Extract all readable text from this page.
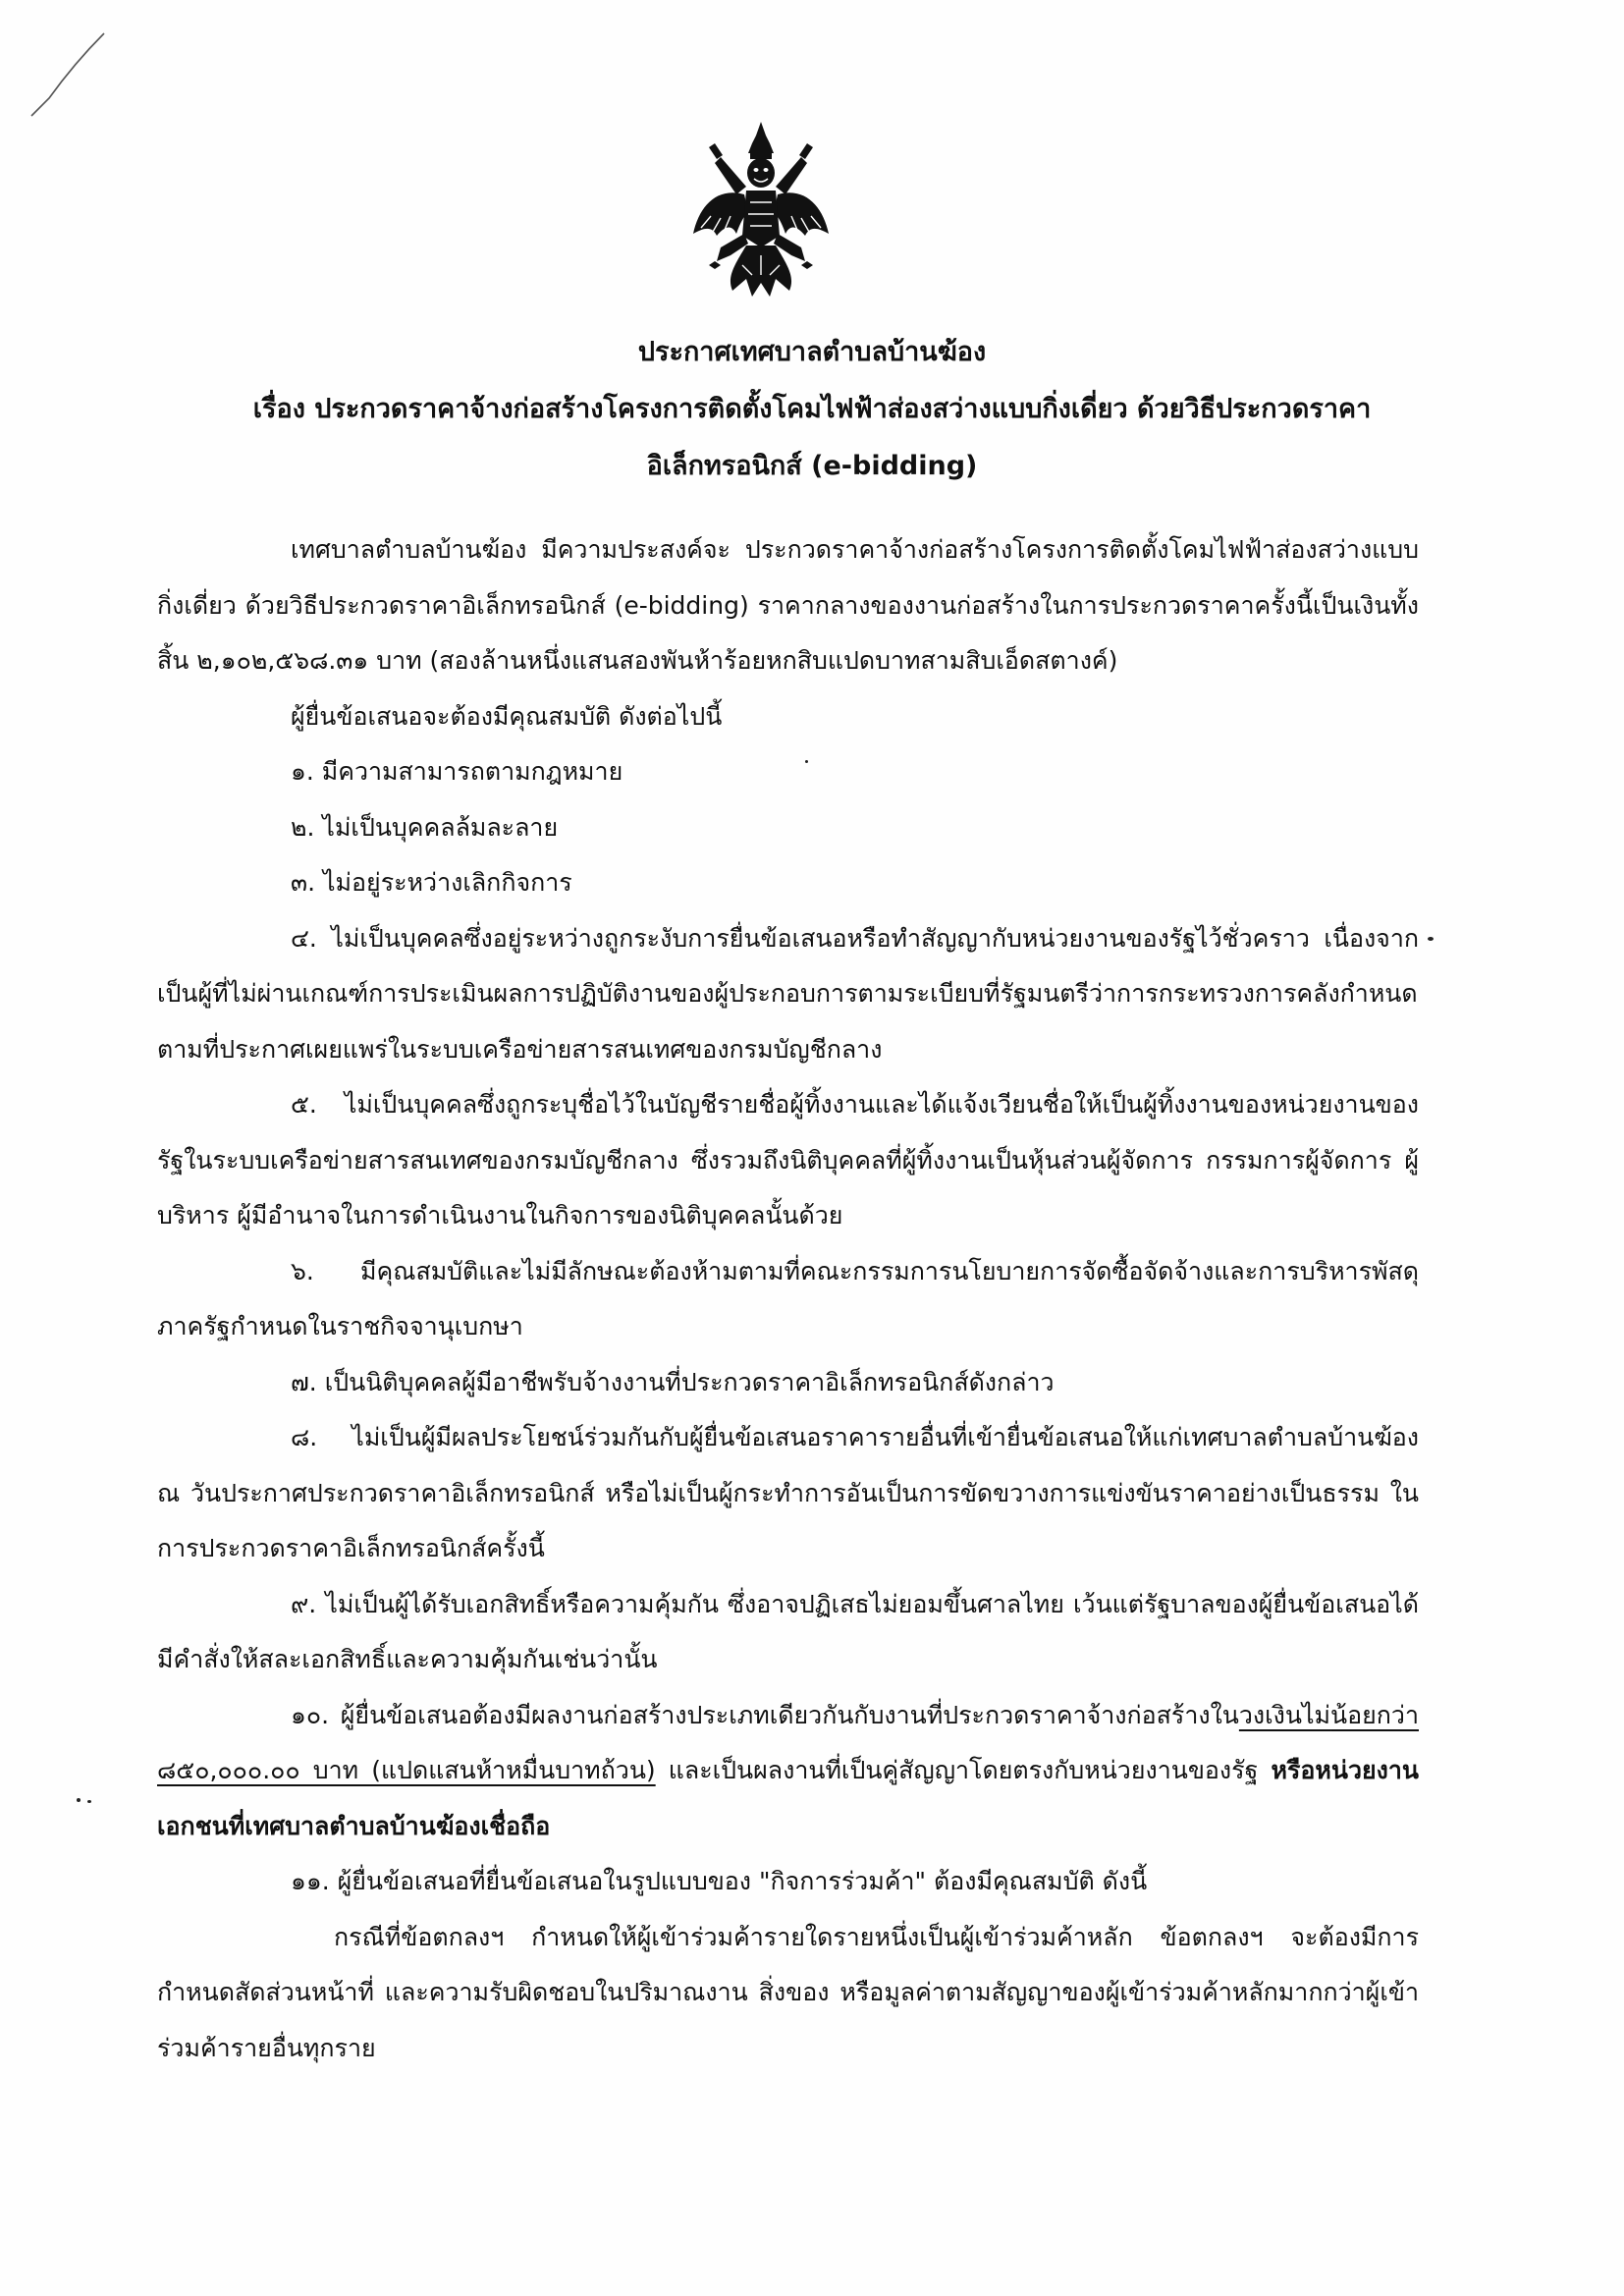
ประกาศเทศบาลตำบลบ้านฆ้อง
เรื่อง ประกวดราคาจ้างก่อสร้างโครงการติดตั้งโคมไฟฟ้าส่องสว่างแบบกิ่งเดี่ยว ด้วยวิธีประกวดราคา
อิเล็กทรอนิกส์ (e-bidding)

เทศบาลตำบลบ้านฆ้อง มีความประสงค์จะ ประกวดราคาจ้างก่อสร้างโครงการติดตั้งโคมไฟฟ้าส่องสว่างแบบกิ่งเดี่ยว ด้วยวิธีประกวดราคาอิเล็กทรอนิกส์ (e-bidding) ราคากลางของงานก่อสร้างในการประกวดราคาครั้งนี้เป็นเงินทั้งสิ้น ๒,๑๐๒,๕๖๘.๓๑ บาท (สองล้านหนึ่งแสนสองพันห้าร้อยหกสิบแปดบาทสามสิบเอ็ดสตางค์)

ผู้ยื่นข้อเสนอจะต้องมีคุณสมบัติ ดังต่อไปนี้

๑. มีความสามารถตามกฎหมาย

๒. ไม่เป็นบุคคลล้มละลาย

๓. ไม่อยู่ระหว่างเลิกกิจการ

๔. ไม่เป็นบุคคลซึ่งอยู่ระหว่างถูกระงับการยื่นข้อเสนอหรือทำสัญญากับหน่วยงานของรัฐไว้ชั่วคราว เนื่องจากเป็นผู้ที่ไม่ผ่านเกณฑ์การประเมินผลการปฏิบัติงานของผู้ประกอบการตามระเบียบที่รัฐมนตรีว่าการกระทรวงการคลังกำหนดตามที่ประกาศเผยแพร่ในระบบเครือข่ายสารสนเทศของกรมบัญชีกลาง

๕. ไม่เป็นบุคคลซึ่งถูกระบุชื่อไว้ในบัญชีรายชื่อผู้ทิ้งงานและได้แจ้งเวียนชื่อให้เป็นผู้ทิ้งงานของหน่วยงานของรัฐในระบบเครือข่ายสารสนเทศของกรมบัญชีกลาง ซึ่งรวมถึงนิติบุคคลที่ผู้ทิ้งงานเป็นหุ้นส่วนผู้จัดการ กรรมการผู้จัดการ ผู้บริหาร ผู้มีอำนาจในการดำเนินงานในกิจการของนิติบุคคลนั้นด้วย

๖. มีคุณสมบัติและไม่มีลักษณะต้องห้ามตามที่คณะกรรมการนโยบายการจัดซื้อจัดจ้างและการบริหารพัสดุภาครัฐกำหนดในราชกิจจานุเบกษา

๗. เป็นนิติบุคคลผู้มีอาชีพรับจ้างงานที่ประกวดราคาอิเล็กทรอนิกส์ดังกล่าว

๘. ไม่เป็นผู้มีผลประโยชน์ร่วมกันกับผู้ยื่นข้อเสนอราคารายอื่นที่เข้ายื่นข้อเสนอให้แก่เทศบาลตำบลบ้านฆ้อง ณ วันประกาศประกวดราคาอิเล็กทรอนิกส์ หรือไม่เป็นผู้กระทำการอันเป็นการขัดขวางการแข่งขันราคาอย่างเป็นธรรม ในการประกวดราคาอิเล็กทรอนิกส์ครั้งนี้

๙. ไม่เป็นผู้ได้รับเอกสิทธิ์หรือความคุ้มกัน ซึ่งอาจปฏิเสธไม่ยอมขึ้นศาลไทย เว้นแต่รัฐบาลของผู้ยื่นข้อเสนอได้มีคำสั่งให้สละเอกสิทธิ์และความคุ้มกันเช่นว่านั้น

๑๐. ผู้ยื่นข้อเสนอต้องมีผลงานก่อสร้างประเภทเดียวกันกับงานที่ประกวดราคาจ้างก่อสร้างในวงเงินไม่น้อยกว่า ๘๕๐,๐๐๐.๐๐ บาท (แปดแสนห้าหมื่นบาทถ้วน) และเป็นผลงานที่เป็นคู่สัญญาโดยตรงกับหน่วยงานของรัฐ หรือหน่วยงานเอกชนที่เทศบาลตำบลบ้านฆ้องเชื่อถือ

๑๑. ผู้ยื่นข้อเสนอที่ยื่นข้อเสนอในรูปแบบของ "กิจการร่วมค้า" ต้องมีคุณสมบัติ ดังนี้

กรณีที่ข้อตกลงฯ กำหนดให้ผู้เข้าร่วมค้ารายใดรายหนึ่งเป็นผู้เข้าร่วมค้าหลัก ข้อตกลงฯ จะต้องมีการกำหนดสัดส่วนหน้าที่ และความรับผิดชอบในปริมาณงาน สิ่งของ หรือมูลค่าตามสัญญาของผู้เข้าร่วมค้าหลักมากกว่าผู้เข้าร่วมค้ารายอื่นทุกราย
